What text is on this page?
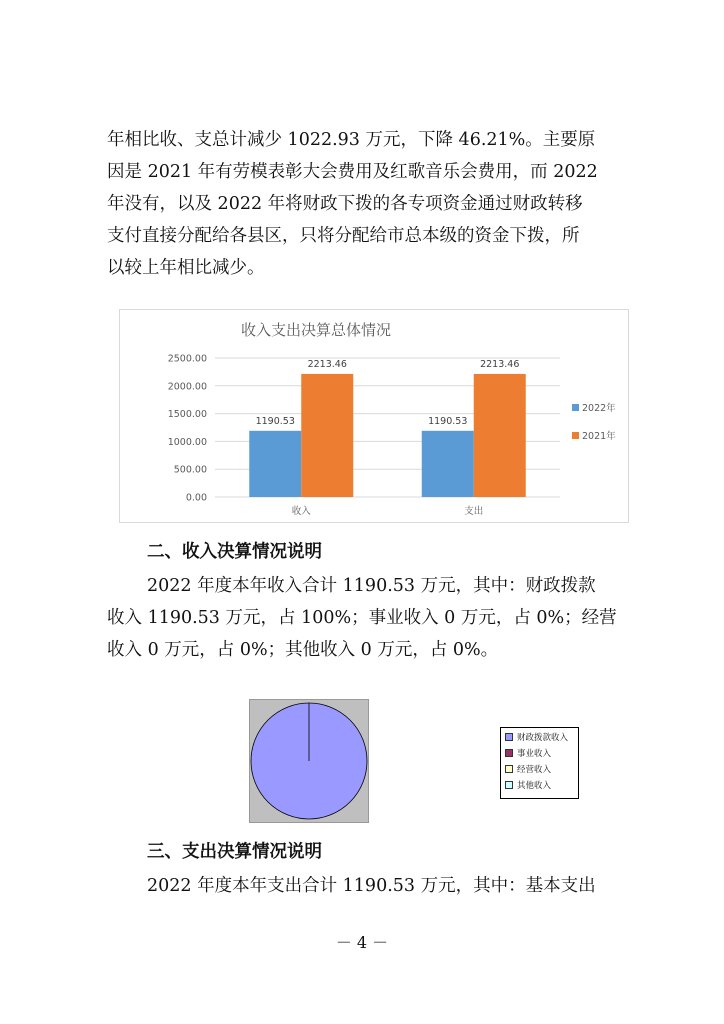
年相比收、支总计减少 1022.93 万元，下降 46.21%。主要原
因是 2021 年有劳模表彰大会费用及红歌音乐会费用，而 2022
年没有，以及 2022 年将财政下拨的各专项资金通过财政转移
支付直接分配给各县区，只将分配给市总本级的资金下拨，所
以较上年相比减少。
收入支出决算总体情况
0.00
500.00
1000.00
1500.00
2000.00
2500.00
1190.53
2213.46
收入
1190.53
2213.46
支出
2022年
2021年
二、收入决算情况说明
2022 年度本年收入合计 1190.53 万元，其中：财政拨款
收入 1190.53 万元，占 100%；事业收入 0 万元，占 0%；经营
收入 0 万元，占 0%；其他收入 0 万元，占 0%。
财政拨款收入
事业收入
经营收入
其他收入
三、支出决算情况说明
2022 年度本年支出合计 1190.53 万元，其中：基本支出
－ 4 －
